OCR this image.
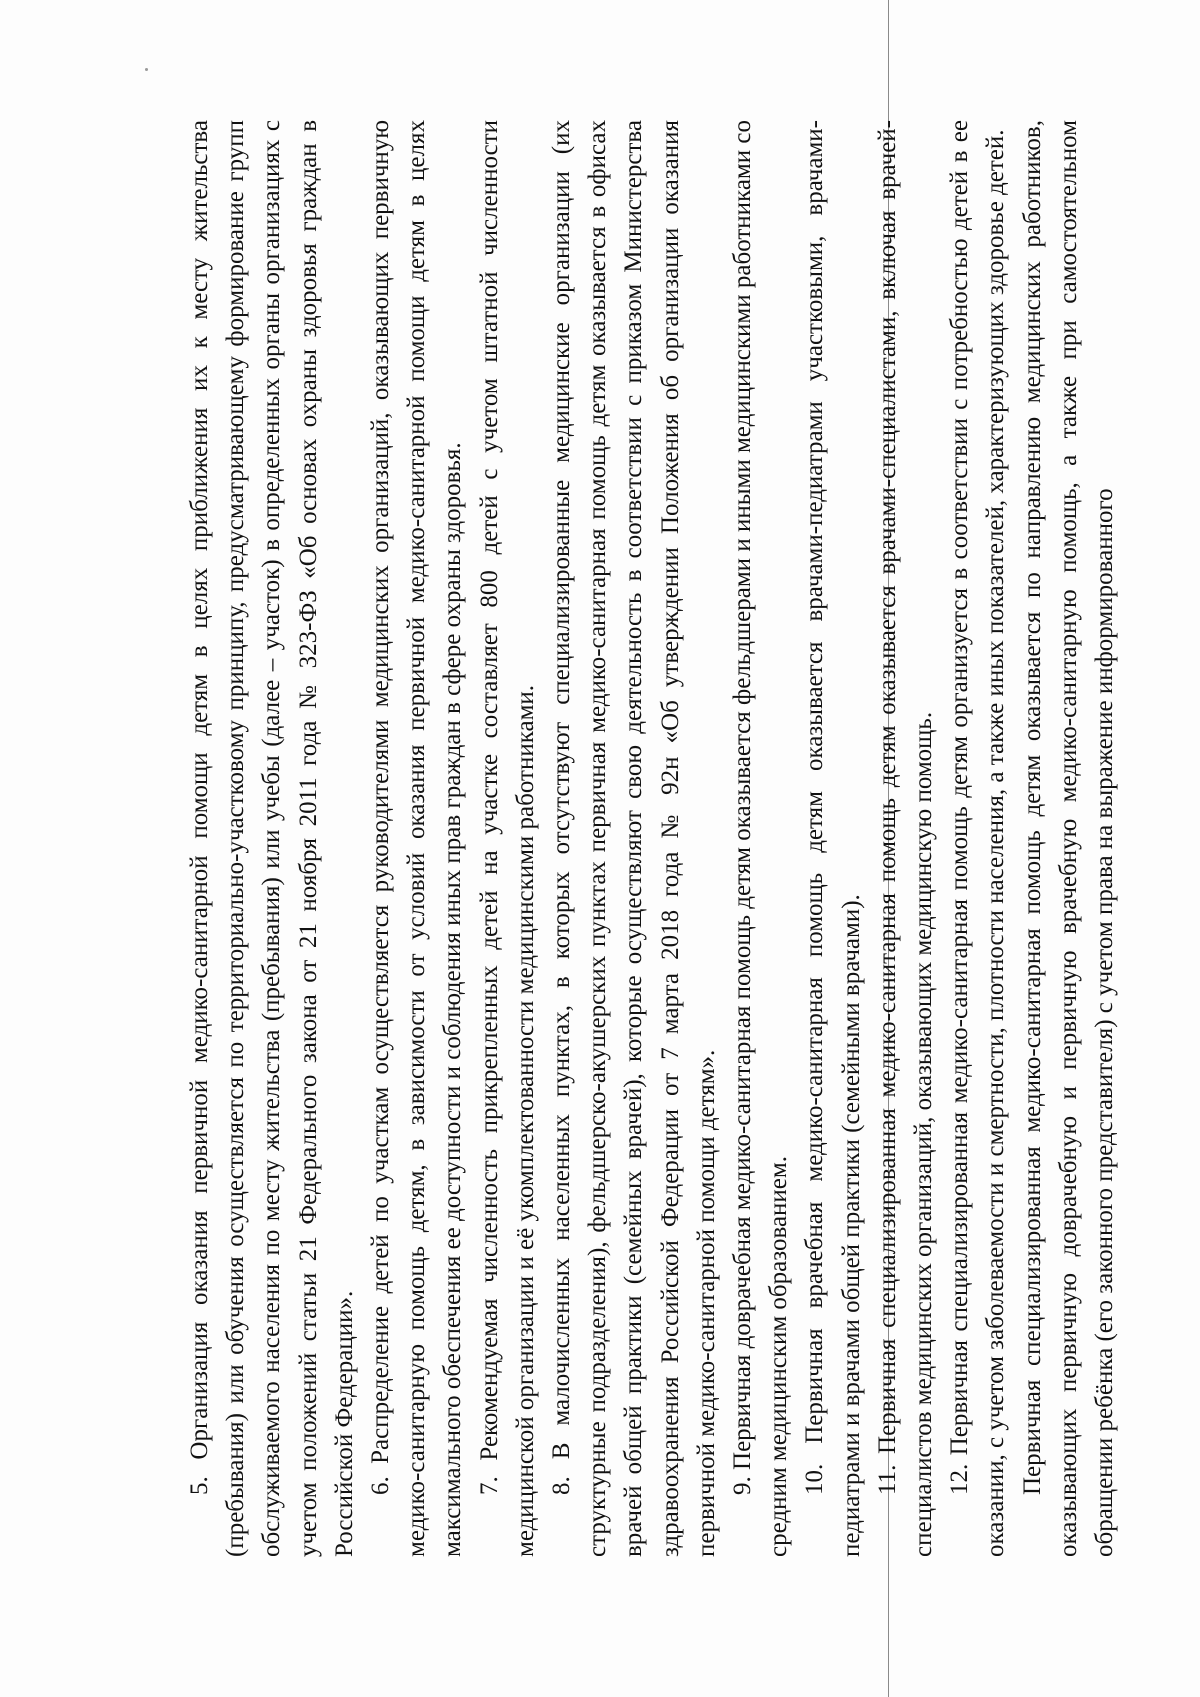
5. Организация оказания первичной медико-санитарной помощи детям в целях приближения их к месту жительства (пребывания) или обучения осуществляется по территориально-участковому принципу, предусматривающему формирование групп обслуживаемого населения по месту жительства (пребывания) или учебы (далее – участок) в определенных органы организациях с учетом положений статьи 21 Федерального закона от 21 ноября 2011 года № 323-ФЗ «Об основах охраны здоровья граждан в Российской Федерации». 6. Распределение детей по участкам осуществляется руководителями медицинских организаций, оказывающих первичную медико-санитарную помощь детям, в зависимости от условий оказания первичной медико-санитарной помощи детям в целях максимального обеспечения ее доступности и соблюдения иных прав граждан в сфере охраны здоровья. 7. Рекомендуемая численность прикрепленных детей на участке составляет 800 детей с учетом штатной численности медицинской организации и её укомплектованности медицинскими работниками. 8. В малочисленных населенных пунктах, в которых отсутствуют специализированные медицинские организации (их структурные подразделения), фельдшерско-акушерских пунктах первичная медико-санитарная помощь детям оказывается в офисах врачей общей практики (семейных врачей), которые осуществляют свою деятельность в соответствии с приказом Министерства здравоохранения Российской Федерации от 7 марта 2018 года № 92н «Об утверждении Положения об организации оказания первичной медико-санитарной помощи детям». 9. Первичная доврачебная медико-санитарная помощь детям оказывается фельдшерами и иными медицинскими работниками со средним медицинским образованием. 10. Первичная врачебная медико-санитарная помощь детям оказывается врачами-педиатрами участковыми, врачами-педиатрами и врачами общей практики (семейными врачами). 11. Первичная специализированная медико-санитарная помощь детям оказывается врачами-специалистами, включая врачей-специалистов медицинских организаций, оказывающих медицинскую помощь. 12. Первичная специализированная медико-санитарная помощь детям организуется в соответствии с потребностью детей в ее оказании, с учетом заболеваемости и смертности, плотности населения, а также иных показателей, характеризующих здоровье детей. Первичная специализированная медико-санитарная помощь детям оказывается по направлению медицинских работников, оказывающих первичную доврачебную и первичную врачебную медико-санитарную помощь, а также при самостоятельном обращении ребёнка (его законного представителя) с учетом права на выражение информированного
